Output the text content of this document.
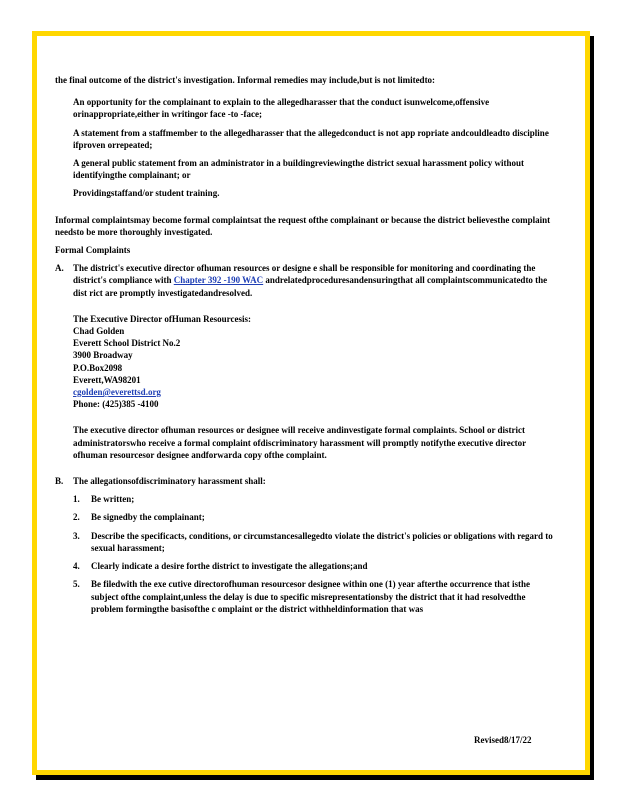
the final outcome of the district's investigation. Informal remedies may include,but is not limitedto:

An opportunity for the complainant to explain to the allegedharasser that the conduct isunwelcome,offensive orinappropriate,either in writingor face -to -face;
A statement from a staffmember to the allegedharasser that the allegedconduct is not app ropriate andcouldleadto discipline ifproven orrepeated;
A general public statement from an administrator in a buildingreviewingthe district sexual harassment policy without identifyingthe complainant; or
Providingstaffand/or student training.

Informal complaintsmay become formal complaintsat the request ofthe complainant or because the district believesthe complaint needsto be more thoroughly investigated.

Formal Complaints

A. The district's executive director ofhuman resources or designe e shall be responsible for monitoring and coordinating the district's compliance with Chapter 392 -190 WAC andrelatedproceduresandensuringthat all complaintscommunicatedto the dist rict are promptly investigatedandresolved.

The Executive Director ofHuman Resourcesis:

Chad Golden

Everett School District No.2

3900 Broadway

P.O.Box2098

Everett,WA98201

cgolden@everettsd.org

Phone: (425)385 -4100

The executive director ofhuman resources or designee will receive andinvestigate formal complaints. School or district administratorswho receive a formal complaint ofdiscriminatory harassment will promptly notifythe executive director ofhuman resourcesor designee andforwarda copy ofthe complaint.

B. The allegationsofdiscriminatory harassment shall:
1. Be written;
2. Be signedby the complainant;
3. Describe the specificacts, conditions, or circumstancesallegedto violate the district's policies or obligations with regard to sexual harassment;
4. Clearly indicate a desire forthe district to investigate the allegations;and
5. Be filedwith the exe cutive directorofhuman resourcesor designee within one (1) year afterthe occurrence that isthe subject ofthe complaint,unless the delay is due to specific misrepresentationsby the district that it had resolvedthe problem formingthe basisofthe c omplaint or the district withheldinformation that was
Revised8/17/22
